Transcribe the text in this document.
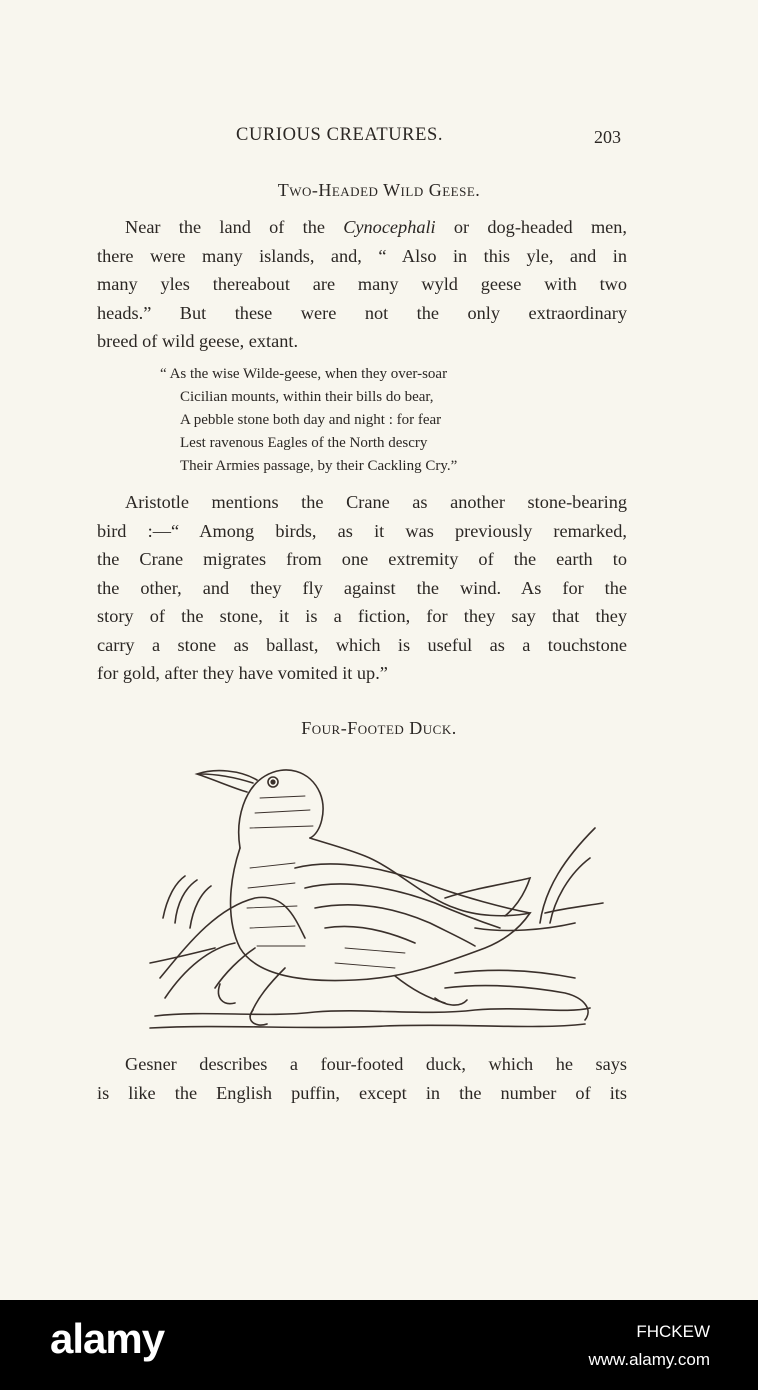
CURIOUS CREATURES.	203
Two-Headed Wild Geese.
Near the land of the Cynocephali or dog-headed men,
there were many islands, and, “ Also in this yle, and in
many yles thereabout are many wyld geese with two
heads.” But these were not the only extraordinary
breed of wild geese, extant.
“ As the wise Wilde-geese, when they over-soar
Cicilian mounts, within their bills do bear,
A pebble stone both day and night : for fear
Lest ravenous Eagles of the North descry
Their Armies passage, by their Cackling Cry.”
Aristotle mentions the Crane as another stone-bearing
bird :—“ Among birds, as it was previously remarked,
the Crane migrates from one extremity of the earth to
the other, and they fly against the wind. As for the
story of the stone, it is a fiction, for they say that they
carry a stone as ballast, which is useful as a touchstone
for gold, after they have vomited it up.”
Four-Footed Duck.
Gesner describes a four-footed duck, which he says
is like the English puffin, except in the number of its
alamy	FHCKEW
www.alamy.com
